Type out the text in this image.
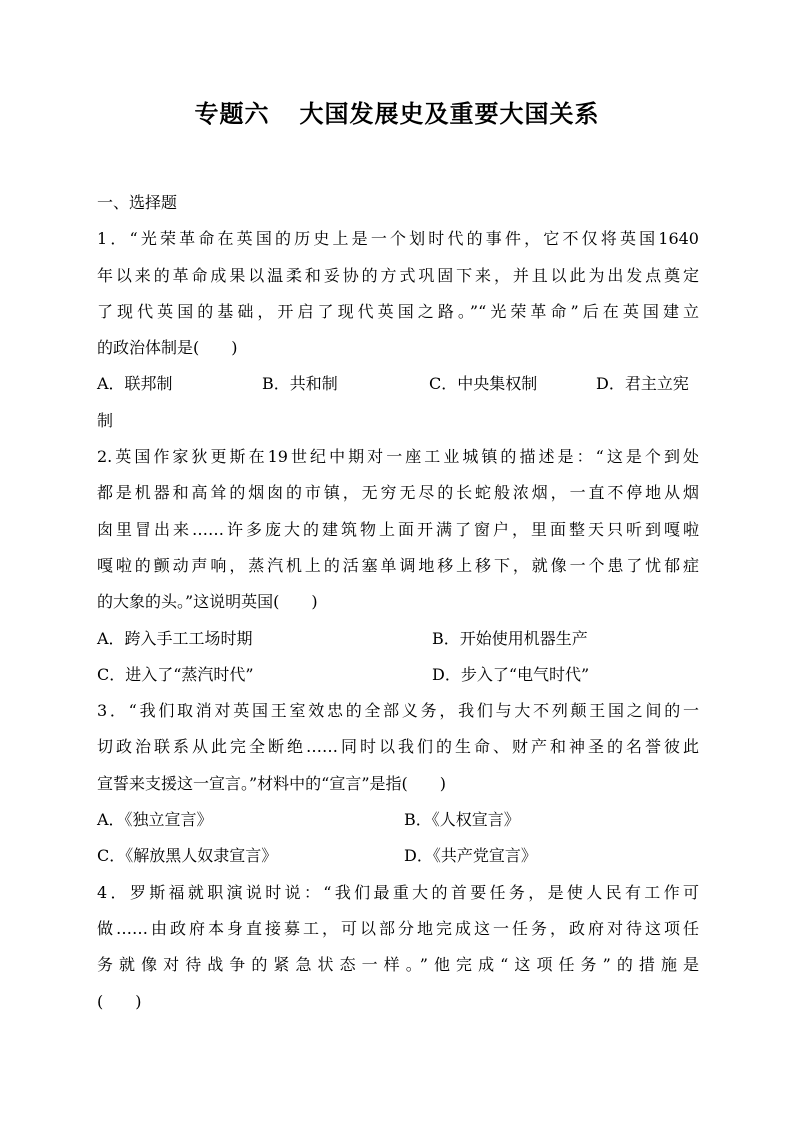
专题六 大国发展史及重要大国关系
一、选择题
1．“光荣革命在英国的历史上是一个划时代的事件，它不仅将英国1640
年以来的革命成果以温柔和妥协的方式巩固下来，并且以此为出发点奠定
了现代英国的基础，开启了现代英国之路。”“光荣革命”后在英国建立
的政治体制是(　　)
A．联邦制	B．共和制	C．中央集权制	D．君主立宪
制
2.英国作家狄更斯在19世纪中期对一座工业城镇的描述是：“这是个到处
都是机器和高耸的烟囱的市镇，无穷无尽的长蛇般浓烟，一直不停地从烟
囱里冒出来……许多庞大的建筑物上面开满了窗户，里面整天只听到嘎啦
嘎啦的颤动声响，蒸汽机上的活塞单调地移上移下，就像一个患了忧郁症
的大象的头。”这说明英国(　　)
A．跨入手工工场时期	B．开始使用机器生产
C．进入了“蒸汽时代”	D．步入了“电气时代”
3．“我们取消对英国王室效忠的全部义务，我们与大不列颠王国之间的一
切政治联系从此完全断绝……同时以我们的生命、财产和神圣的名誉彼此
宣誓来支援这一宣言。”材料中的“宣言”是指(　　)
A．《独立宣言》	B．《人权宣言》
C．《解放黑人奴隶宣言》	D．《共产党宣言》
4．罗斯福就职演说时说：“我们最重大的首要任务，是使人民有工作可
做……由政府本身直接募工，可以部分地完成这一任务，政府对待这项任
务就像对待战争的紧急状态一样。”他完成“这项任务”的措施是
(　　)
